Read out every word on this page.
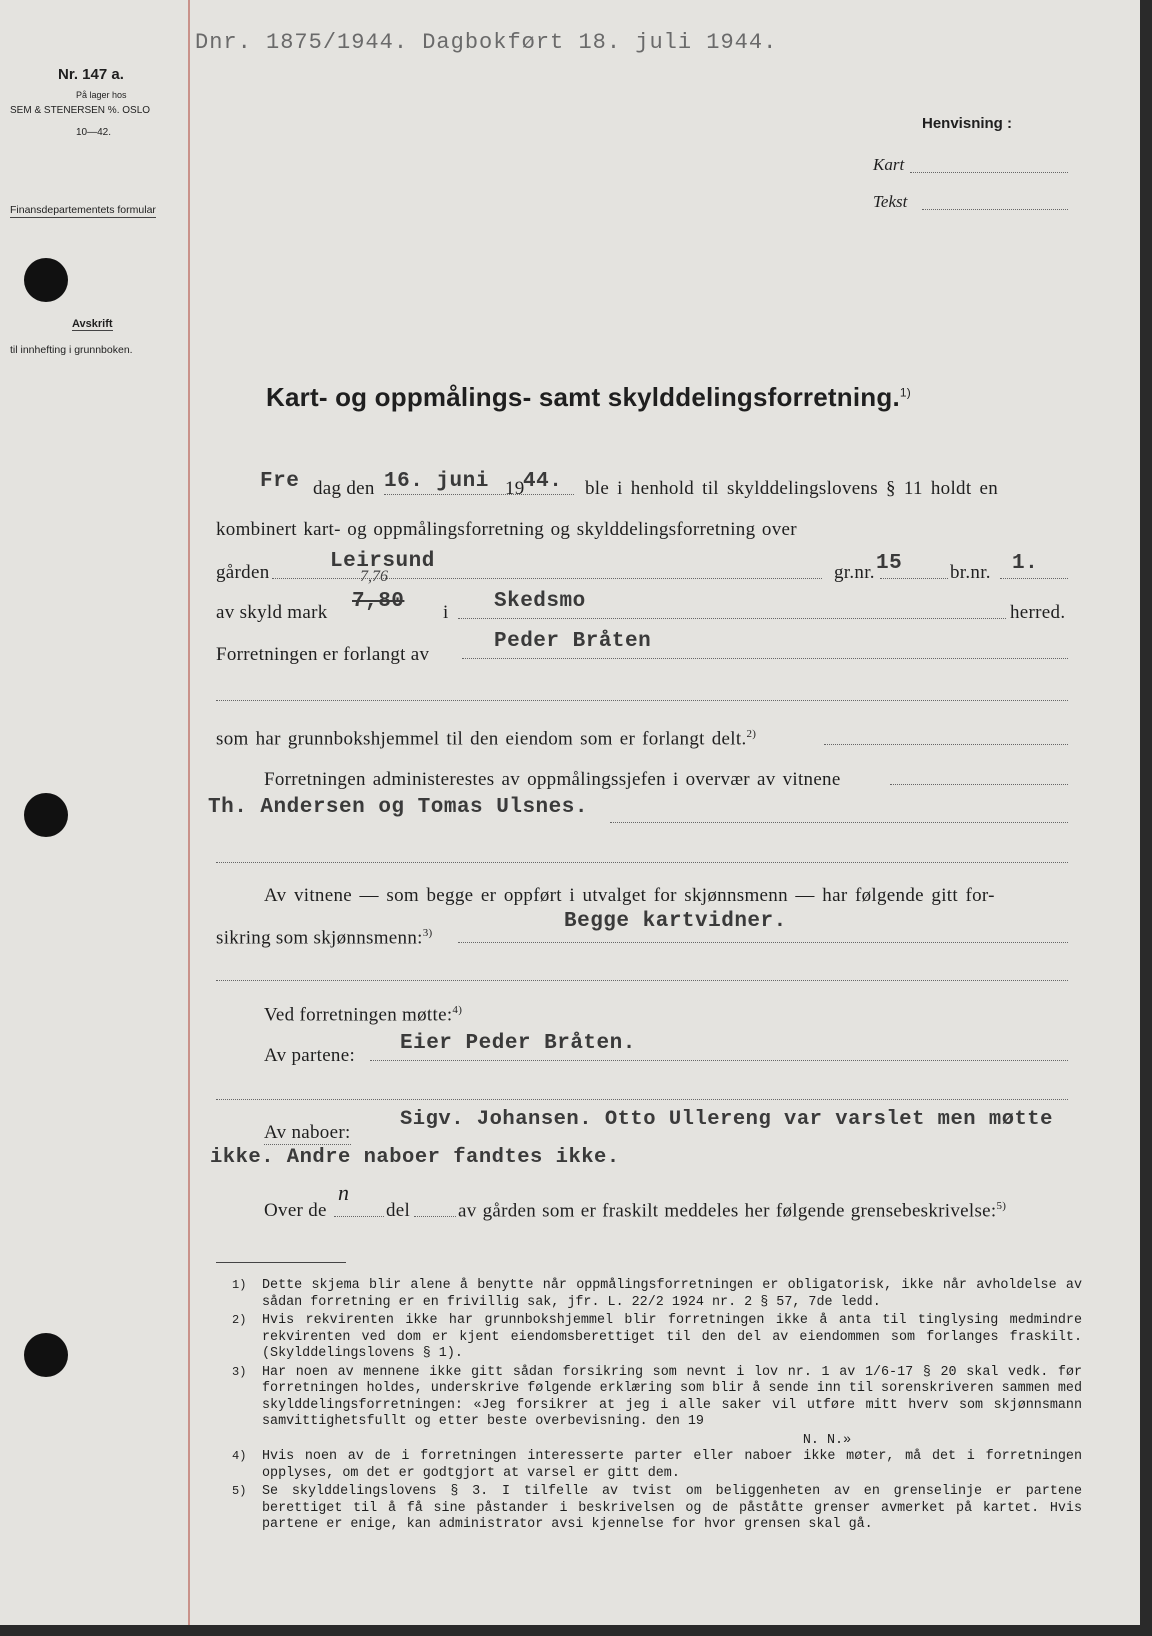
Dnr. 1875/1944. Dagbokført 18. juli 1944.
Nr. 147 a.
På lager hos
SEM & STENERSEN %. OSLO
10—42.
Finansdepartementets formular
Avskrift
til innhefting i grunnboken.
Henvisning :
Kart
Tekst
Kart- og oppmålings- samt skylddelingsforretning.$^{1)}$
Fre dag den 16. juni 19
44. ble i henhold til skylddelingslovens § 11 holdt en
kombinert kart- og oppmålingsforretning og skylddelingsforretning over
gården	Leirsund	gr.nr. 15	br.nr. 1.
av skyld mark
7,76
7,80 i Skedsmo	herred.
Forretningen er forlangt av
Peder Bråten
som har grunnbokshjemmel til den eiendom som er forlangt delt.$^{2)}$
Forretningen administerestes av oppmålingssjefen i overvær av vitnene
Th. Andersen og Tomas Ulsnes.
Av vitnene — som begge er oppført i utvalget for skjønnsmenn — har følgende gitt for-
sikring som skjønnsmenn:$^{3)}$	Begge kartvidner.
Ved forretningen møtte:$^{4)}$
Av partene:
Eier Peder Bråten.
Av naboer:
Sigv. Johansen. Otto Ullereng var varslet men møtte
ikke. Andre naboer fandtes ikke.
Over de
n
del	av gården som er fraskilt meddeles her følgende grensebeskrivelse:$^{5)}$
1)	Dette skjema blir alene å benytte når oppmålingsforretningen er obligatorisk, ikke når avholdelse av sådan forretning er en frivillig sak, jfr. L. 22/2 1924 nr. 2 § 57, 7de ledd.
2)	Hvis rekvirenten ikke har grunnbokshjemmel blir forretningen ikke å anta til tinglysing medmindre rekvirenten ved dom er kjent eiendomsberettiget til den del av eiendommen som forlanges fraskilt. (Skylddelingslovens § 1).
3)	Har noen av mennene ikke gitt sådan forsikring som nevnt i lov nr. 1 av 1/6-17 § 20 skal vedk. før forretningen holdes, underskrive følgende erklæring som blir å sende inn til sorenskriveren sammen med skylddelingsforretningen: «Jeg forsikrer at jeg i alle saker vil utføre mitt hverv som skjønnsmann samvittighetsfullt og etter beste overbevisning. den 19
N. N.»
4)	Hvis noen av de i forretningen interesserte parter eller naboer ikke møter, må det i forretningen opplyses, om det er godtgjort at varsel er gitt dem.
5)	Se skylddelingslovens § 3. I tilfelle av tvist om beliggenheten av en grenselinje er partene berettiget til å få sine påstander i beskrivelsen og de påståtte grenser avmerket på kartet. Hvis partene er enige, kan administrator avsi kjennelse for hvor grensen skal gå.
